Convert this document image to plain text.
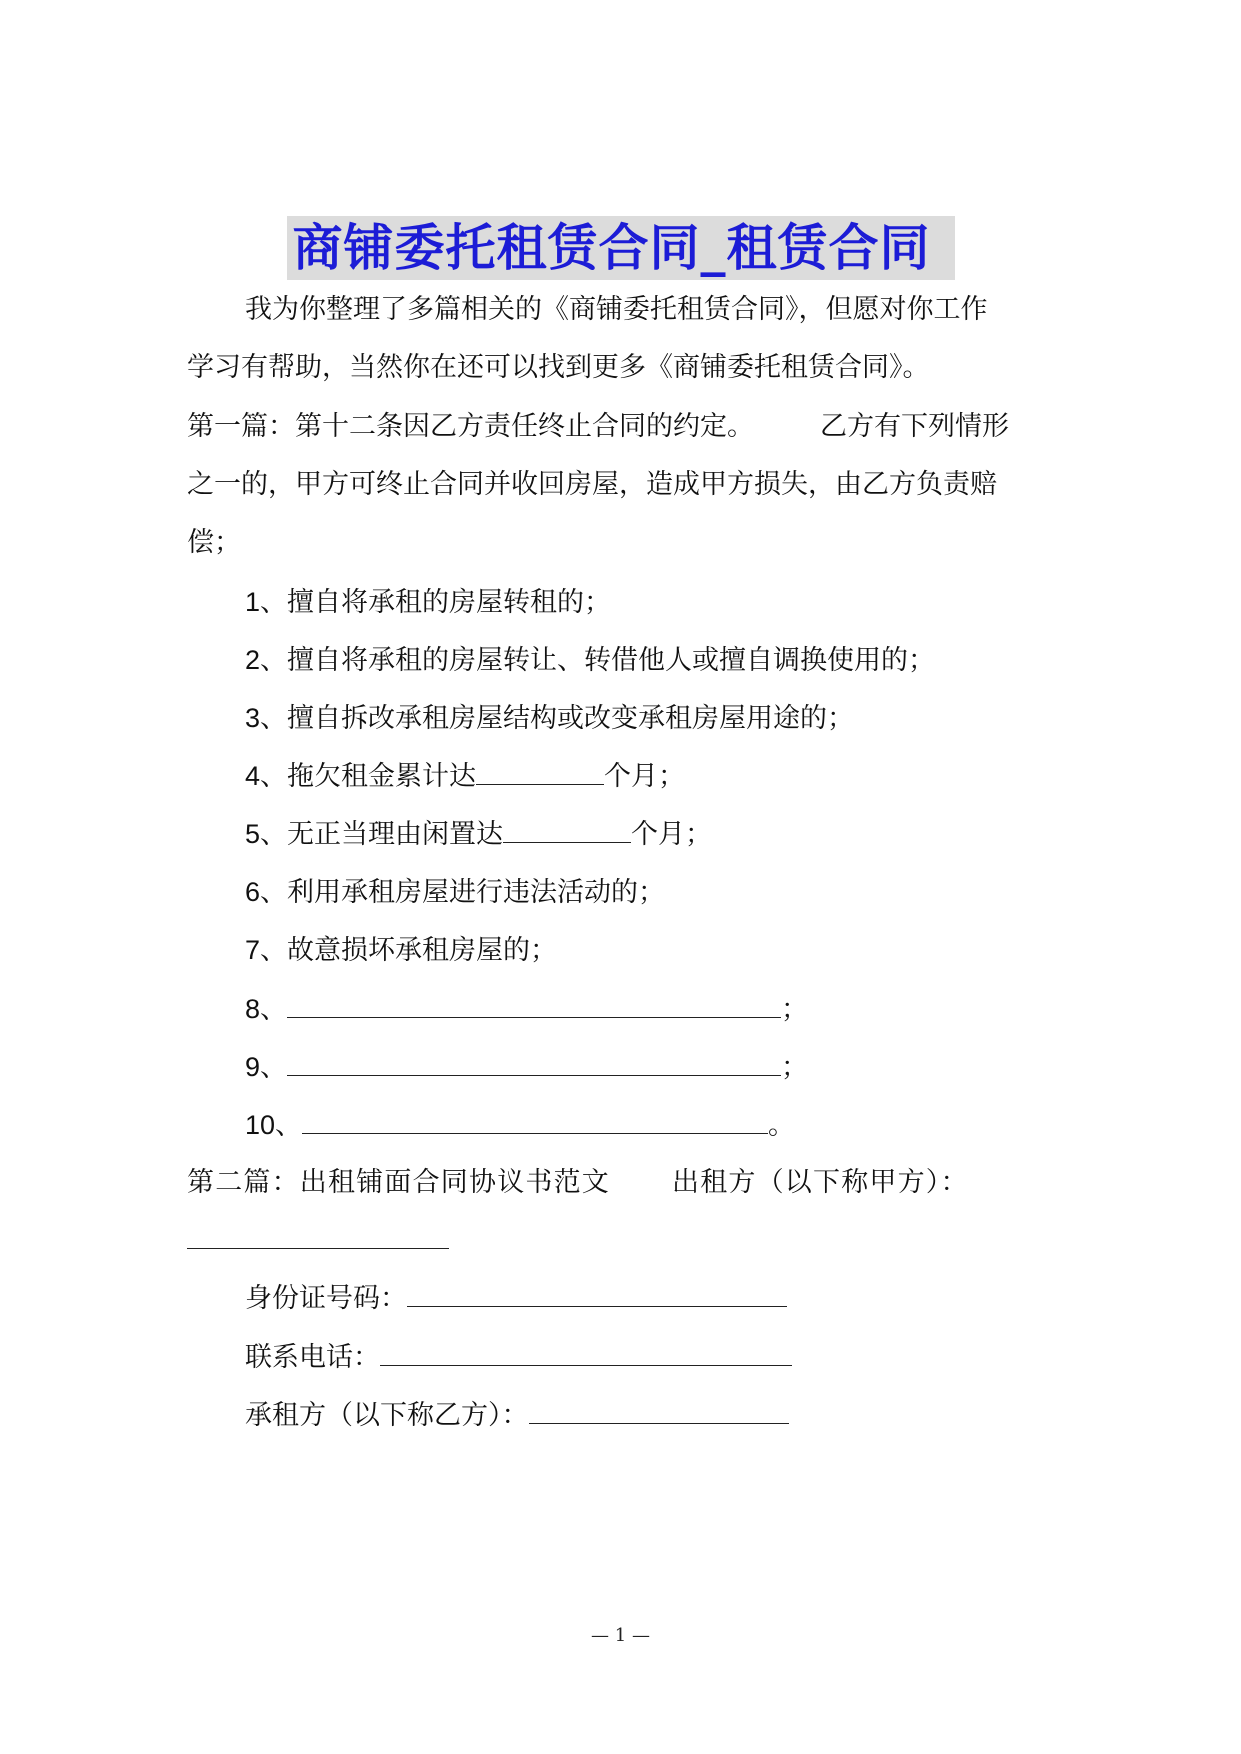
商铺委托租赁合同_租赁合同
我为你整理了多篇相关的《商铺委托租赁合同》，但愿对你工作
学习有帮助，当然你在还可以找到更多《商铺委托租赁合同》。
第一篇：第十二条因乙方责任终止合同的约定。 乙方有下列情形
之一的，甲方可终止合同并收回房屋，造成甲方损失，由乙方负责赔
偿；
1、擅自将承租的房屋转租的；
2、擅自将承租的房屋转让、转借他人或擅自调换使用的；
3、擅自拆改承租房屋结构或改变承租房屋用途的；
4、拖欠租金累计达	个月；
5、无正当理由闲置达	个月；
6、利用承租房屋进行违法活动的；
7、故意损坏承租房屋的；
8、	；
9、	；
10、	。
第二篇：出租铺面合同协议书范文 出租方（以下称甲方）：
身份证号码：
联系电话：
承租方（以下称乙方）：
— 1 —
